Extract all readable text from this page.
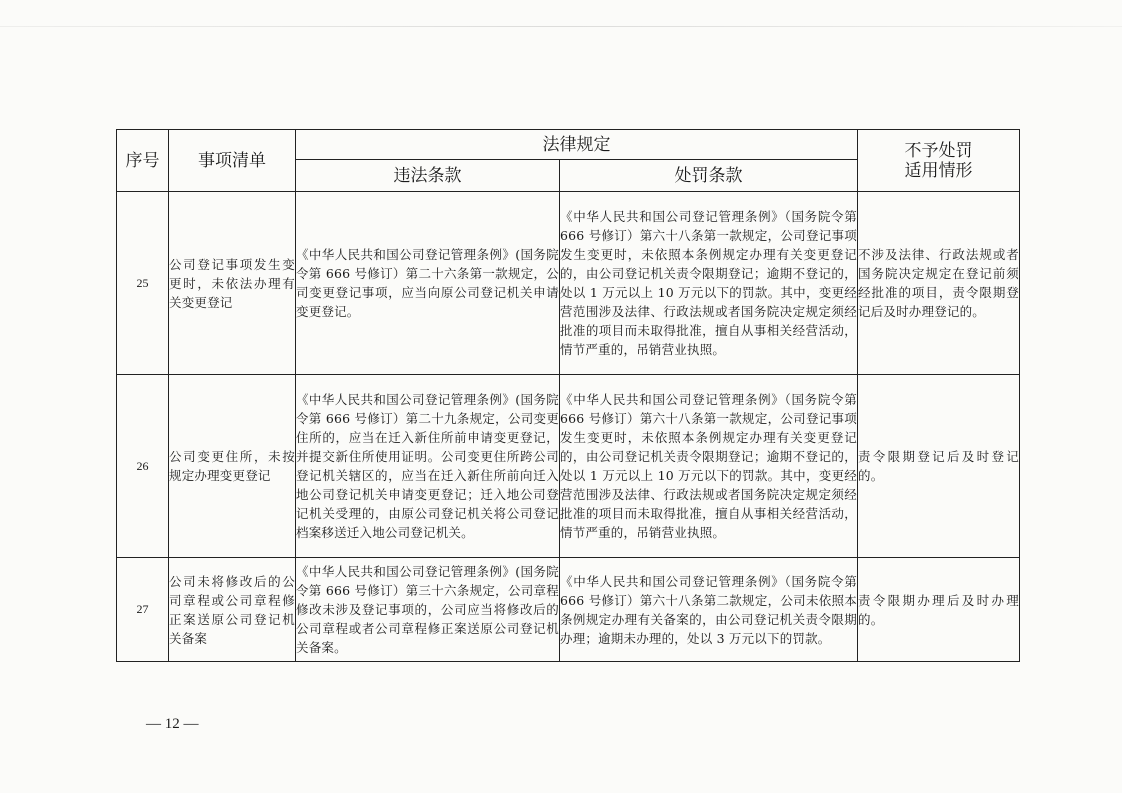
序号	事项清单	法律规定		不予处罚
适用情形

		违法条款	处罚条款	
25	公司登记事项发生变更时，未依法办理有关变更登记	《中华人民共和国公司登记管理条例》(国务院令第 666 号修订）第二十六条第一款规定，公司变更登记事项，应当向原公司登记机关申请变更登记。	《中华人民共和国公司登记管理条例》（国务院令第 666 号修订）第六十八条第一款规定，公司登记事项发生变更时，未依照本条例规定办理有关变更登记的，由公司登记机关责令限期登记；逾期不登记的，处以 1 万元以上 10 万元以下的罚款。其中，变更经营范围涉及法律、行政法规或者国务院决定规定须经批准的项目而未取得批准，擅自从事相关经营活动，情节严重的，吊销营业执照。	不涉及法律、行政法规或者国务院决定规定在登记前须经批准的项目，责令限期登记后及时办理登记的。
26	公司变更住所，未按规定办理变更登记	《中华人民共和国公司登记管理条例》(国务院令第 666 号修订）第二十九条规定，公司变更住所的，应当在迁入新住所前申请变更登记，并提交新住所使用证明。公司变更住所跨公司登记机关辖区的，应当在迁入新住所前向迁入地公司登记机关申请变更登记；迁入地公司登记机关受理的，由原公司登记机关将公司登记档案移送迁入地公司登记机关。	《中华人民共和国公司登记管理条例》（国务院令第 666 号修订）第六十八条第一款规定，公司登记事项发生变更时，未依照本条例规定办理有关变更登记的，由公司登记机关责令限期登记；逾期不登记的，处以 1 万元以上 10 万元以下的罚款。其中，变更经营范围涉及法律、行政法规或者国务院决定规定须经批准的项目而未取得批准，擅自从事相关经营活动，情节严重的，吊销营业执照。	责令限期登记后及时登记的。
27	公司未将修改后的公司章程或公司章程修正案送原公司登记机关备案	《中华人民共和国公司登记管理条例》(国务院令第 666 号修订）第三十六条规定，公司章程修改未涉及登记事项的，公司应当将修改后的公司章程或者公司章程修正案送原公司登记机关备案。	《中华人民共和国公司登记管理条例》（国务院令第 666 号修订）第六十八条第二款规定，公司未依照本条例规定办理有关备案的，由公司登记机关责令限期办理；逾期未办理的，处以 3 万元以下的罚款。	责令限期办理后及时办理的。
— 12 —
